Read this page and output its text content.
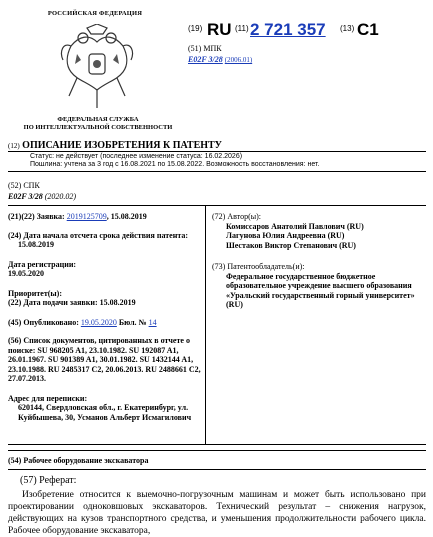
РОССИЙСКАЯ ФЕДЕРАЦИЯ
ФЕДЕРАЛЬНАЯ СЛУЖБА
ПО ИНТЕЛЛЕКТУАЛЬНОЙ СОБСТВЕННОСТИ
(19) RU (11) 2 721 357 (13) C1
(51) МПК
E02F 3/28 (2006.01)
(12) ОПИСАНИЕ ИЗОБРЕТЕНИЯ К ПАТЕНТУ
Статус: не действует (последнее изменение статуса: 16.02.2026)
Пошлина: учтена за 3 год с 16.08.2021 по 15.08.2022. Возможность восстановления: нет.
(52) СПК
E02F 3/28 (2020.02)
(21)(22) Заявка: 2019125709, 15.08.2019
(24) Дата начала отсчета срока действия патента:
15.08.2019
Дата регистрации:
19.05.2020
Приоритет(ы):
(22) Дата подачи заявки: 15.08.2019
(45) Опубликовано: 19.05.2020 Бюл. № 14
(56) Список документов, цитированных в отчете о поиске: SU 968205 A1, 23.10.1982. SU 192087 A1, 26.01.1967. SU 901389 A1, 30.01.1982. SU 1432144 A1, 23.10.1988. RU 2485317 C2, 20.06.2013. RU 2488661 C2, 27.07.2013.
Адрес для переписки:
620144, Свердловская обл., г. Екатеринбург, ул. Куйбышева, 30, Усманов Альберт Исмагилович
(72) Автор(ы):
Комиссаров Анатолий Павлович (RU)
Лагунова Юлия Андреевна (RU)
Шестаков Виктор Степанович (RU)
(73) Патентообладатель(и):
Федеральное государственное бюджетное образовательное учреждение высшего образования «Уральский государственный горный университет» (RU)
(54) Рабочее оборудование экскаватора
(57) Реферат:
Изобретение относится к выемочно-погрузочным машинам и может быть использовано при проектировании одноковшовых экскаваторов. Технический результат – снижения нагрузок, действующих на кузов транспортного средства, и уменьшения продолжительности рабочего цикла. Рабочее оборудование экскаватора,
